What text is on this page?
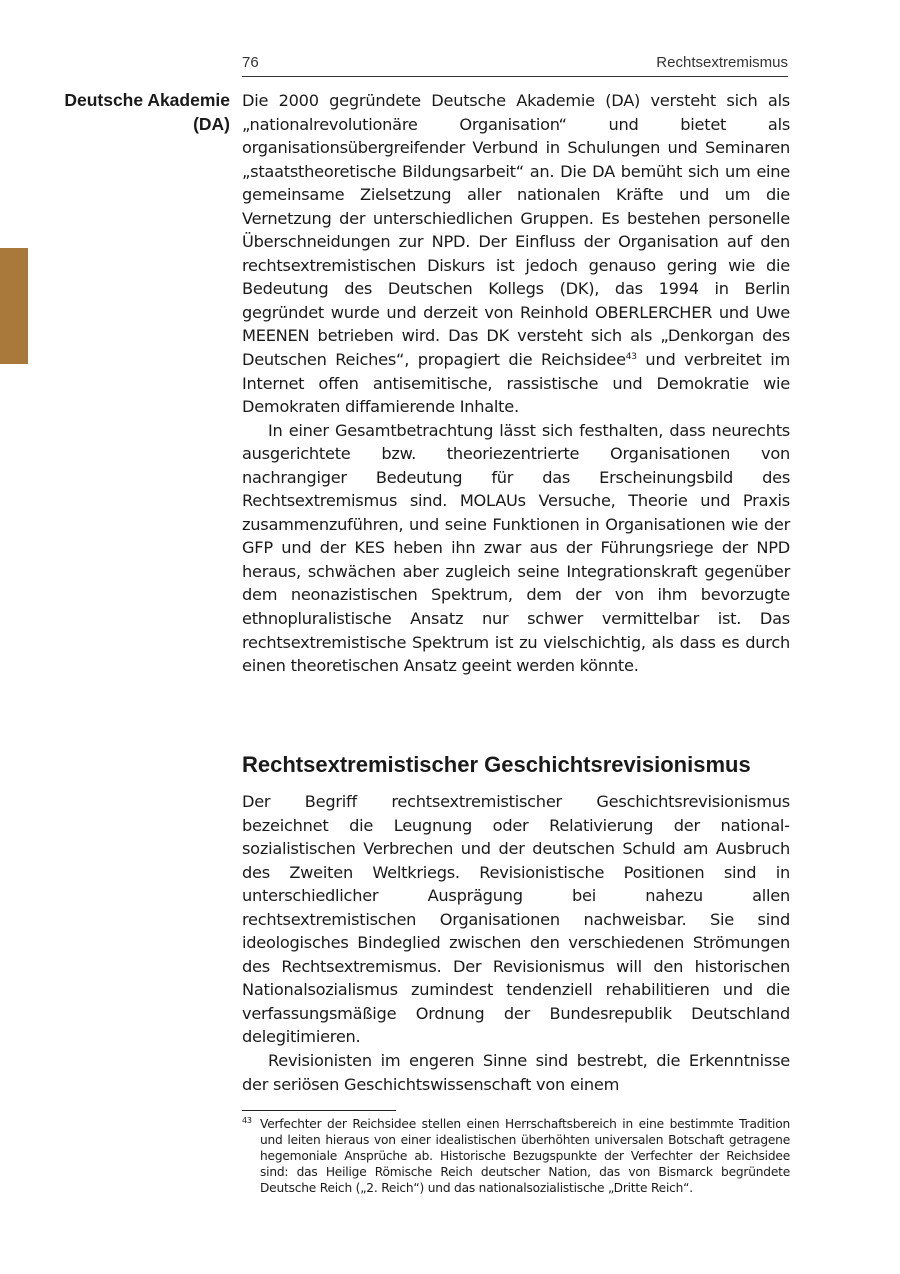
76	Rechtsextremismus
Deutsche Akademie
(DA)

Die 2000 gegründete Deutsche Akademie (DA) versteht sich als „nationalrevolutionäre Organisation“ und bietet als organisationsübergreifender Verbund in Schulungen und Seminaren „staatstheoretische Bildungsarbeit“ an. Die DA bemüht sich um eine gemeinsame Zielsetzung aller nationalen Kräfte und um die Vernetzung der unterschiedlichen Gruppen. Es bestehen personelle Überschneidungen zur NPD. Der Einfluss der Organisation auf den rechtsextremistischen Diskurs ist jedoch genauso gering wie die Bedeutung des Deutschen Kollegs (DK), das 1994 in Berlin gegründet wurde und derzeit von Reinhold OBERLERCHER und Uwe MEENEN betrieben wird. Das DK versteht sich als „Denkorgan des Deutschen Reiches“, propagiert die Reichsidee$^{43}$ und verbreitet im Internet offen antisemitische, rassistische und Demokratie wie Demokraten diffamierende Inhalte.

In einer Gesamtbetrachtung lässt sich festhalten, dass neurechts ausgerichtete bzw. theoriezentrierte Organisationen von nachrangiger Bedeutung für das Erscheinungsbild des Rechtsextremismus sind. MOLAUs Versuche, Theorie und Praxis zusammenzuführen, und seine Funktionen in Organisationen wie der GFP und der KES heben ihn zwar aus der Führungsriege der NPD heraus, schwächen aber zugleich seine Integrationskraft gegenüber dem neonazistischen Spektrum, dem der von ihm bevorzugte ethnopluralistische Ansatz nur schwer vermittelbar ist. Das rechtsextremistische Spektrum ist zu vielschichtig, als dass es durch einen theoretischen Ansatz geeint werden könnte.

Rechtsextremistischer Geschichtsrevisionismus

Der Begriff rechtsextremistischer Geschichtsrevisionismus bezeichnet die Leugnung oder Relativierung der nationalsozialistischen Verbrechen und der deutschen Schuld am Ausbruch des Zweiten Weltkriegs. Revisionistische Positionen sind in unterschiedlicher Ausprägung bei nahezu allen rechtsextremistischen Organisationen nachweisbar. Sie sind ideologisches Bindeglied zwischen den verschiedenen Strömungen des Rechtsextremismus. Der Revisionismus will den historischen Nationalsozialismus zumindest tendenziell rehabilitieren und die verfassungsmäßige Ordnung der Bundesrepublik Deutschland delegitimieren.

Revisionisten im engeren Sinne sind bestrebt, die Erkenntnisse der seriösen Geschichtswissenschaft von einem

43 Verfechter der Reichsidee stellen einen Herrschaftsbereich in eine bestimmte Tradition und leiten hieraus von einer idealistischen überhöhten universalen Botschaft getragene hegemoniale Ansprüche ab. Historische Bezugspunkte der Verfechter der Reichsidee sind: das Heilige Römische Reich deutscher Nation, das von Bismarck begründete Deutsche Reich („2. Reich“) und das nationalsozialistische „Dritte Reich“.
